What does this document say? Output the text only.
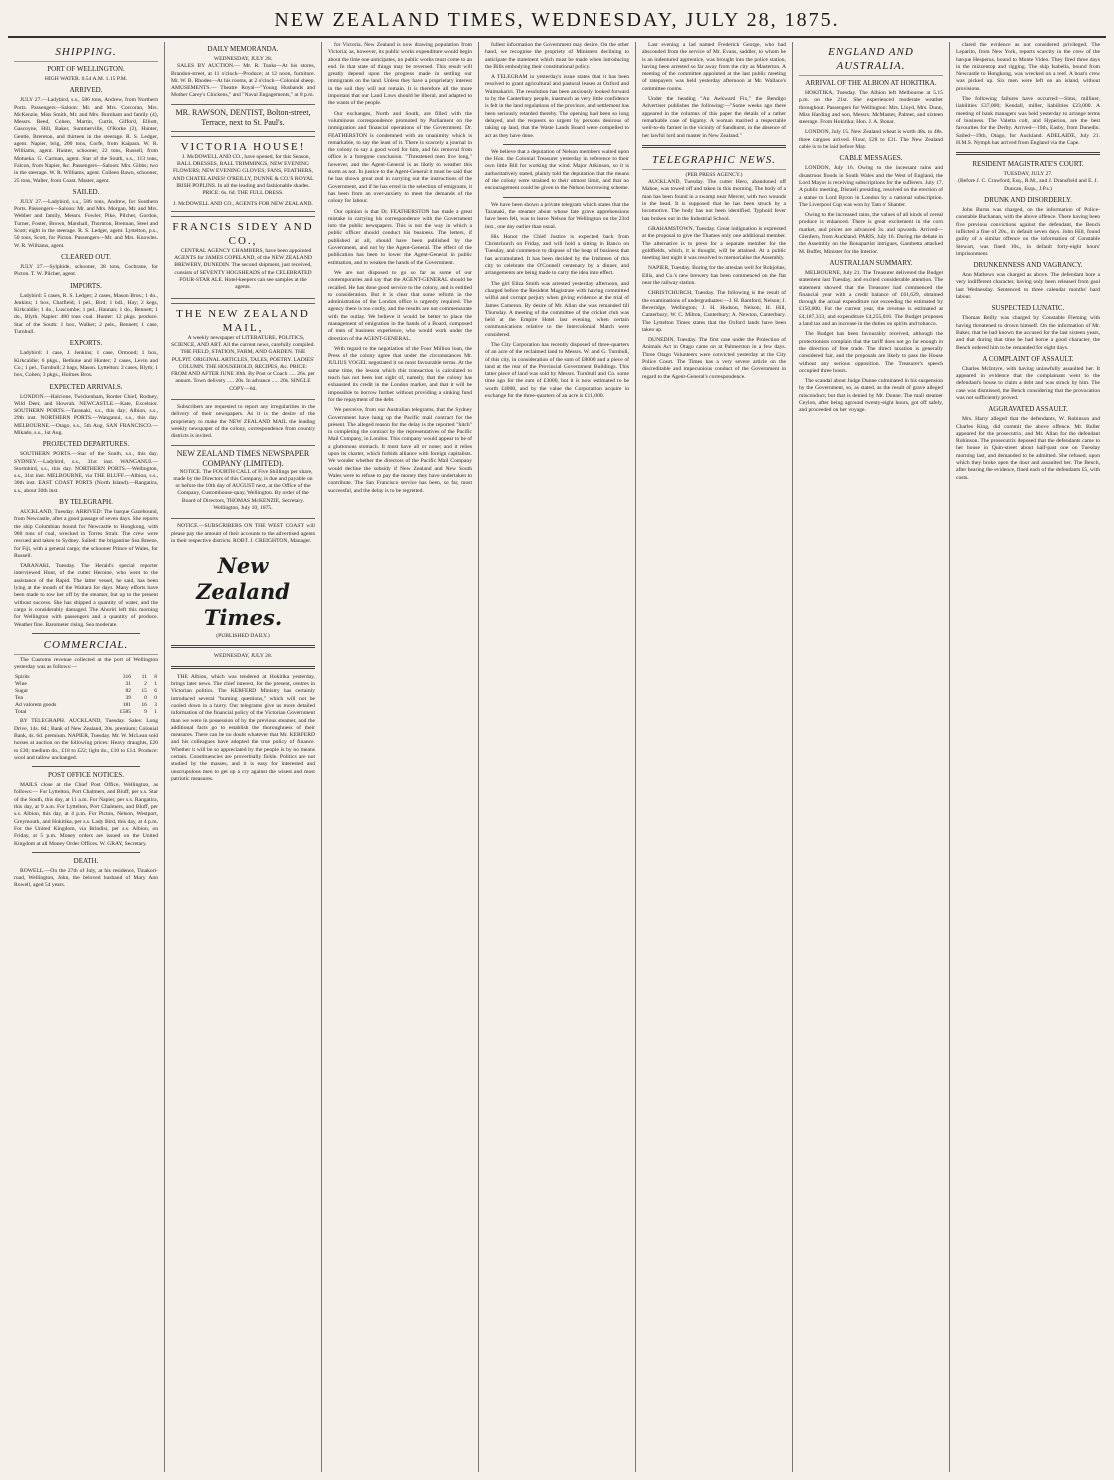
NEW ZEALAND TIMES, WEDNESDAY, JULY 28, 1875.
SHIPPING.
PORT OF WELLINGTON.
HIGH WATER. 0.54 A.M. 1.15 P.M.
ARRIVED.

JULY 27.—Ladybird, s.s., 586 tons, Andrew, from Northern Ports. Passengers—Saloon: Mr. and Mrs. Corcoran, Mrs. McKenzie, Miss Smith, Mr. and Mrs. Burnham and family (4), Messrs. Reed, Cohen, Martin, Curtis, Gifford, Elliott, Gascoyne, Hill, Baker, Summerville, O'Rorke (2), Hunter, Gentle, Brereton, and thirteen in the steerage. R. S. Ledger, agent. Napier, brig, 200 tons, Corfe, from Kaipara. W. R. Williams, agent. Hunter, schooner, 22 tons, Russell, from Motueka. G. Carman, agent. Star of the South, s.s., 113 tons, Falcon, from Napier, &c. Passengers—Saloon: Mrs. Gibbs; two in the steerage. W. R. Williams, agent. Colleen Bawn, schooner, 25 tons, Walter, from Coast. Master, agent.

SAILED.

JULY 27.—Ladybird, s.s., 586 tons, Andrew, for Southern Ports. Passengers—Saloon: Mr. and Mrs. Morgan, Mr. and Mrs. Webber and family, Messrs. Fowler, Pike, Pilcher, Gordon, Turner, Foster, Brown, Marshall, Thornton, Brennan, Steel and Scott; eight in the steerage. R. S. Ledger, agent. Lyttelton, p.s., 50 tons, Scott, for Picton. Passengers—Mr. and Mrs. Knowles. W. R. Williams, agent.

CLEARED OUT.

JULY 27.—Sylphide, schooner, 38 tons, Cochrane, for Picton. T. W. Pilcher, agent.

IMPORTS.

Ladybird: 5 cases, R. S. Ledger; 2 cases, Mason Bros.; 1 do., Jenkins; 1 box, Chatfield; 1 pel., Bird; 1 bdl., Hay; 2 kegs, Kirkcaldie; 1 do., Luscombe; 1 pel., Hannan; 1 do., Bennett; 1 do., Blyth. Napier: 480 tons coal. Hunter: 12 pkgs. produce. Star of the South: 1 box, Walker; 2 pels., Bennett; 1 case, Turnbull.

EXPORTS.

Ladybird: 1 case, J. Jenkins; 1 case, Ormond; 1 box, Kirkcaldie; 6 pkgs., Bethune and Hunter; 2 cases, Levin and Co.; 1 pel., Turnbull; 2 bags, Mason. Lyttelton: 2 cases, Blyth; 1 box, Cohen; 3 pkgs., Holmes Bros.

EXPECTED ARRIVALS.

LONDON.—Halcione, Twickenham, Border Chief, Rodney, Wild Deer, and Howrah. NEWCASTLE.—Kate, Excelsior. SOUTHERN PORTS.—Taranaki, s.s., this day; Albion, s.s., 29th inst. NORTHERN PORTS.—Wanganui, s.s., this day. MELBOURNE.—Otago, s.s., 5th Aug. SAN FRANCISCO.—Mikado, s.s., 1st Aug.

PROJECTED DEPARTURES.

SOUTHERN PORTS.—Star of the South, s.s., this day. SYDNEY.—Ladybird, s.s., 31st inst. WANGANUI.—Stormbird, s.s., this day. NORTHERN PORTS.—Wellington, s.s., 31st inst. MELBOURNE, via THE BLUFF.—Albion, s.s., 30th inst. EAST COAST PORTS (North Island).—Rangatira, s.s., about 30th inst.

BY TELEGRAPH.

AUCKLAND, Tuesday. ARRIVED: The barque Gazehound, from Newcastle, after a good passage of seven days. She reports the ship Columbian bound for Newcastle to Hongkong, with 900 tons of coal, wrecked in Torres Strait. The crew were rescued and taken to Sydney. Sailed: the brigantine Sea Breeze, for Fiji, with a general cargo; the schooner Prince of Wales, for Russell.

TARANAKI, Tuesday. The Herald's special reporter interviewed Hunt, of the cutter Heroine, who went to the assistance of the Rapid. The latter vessel, he said, has been lying at the mouth of the Waitara for days. Many efforts have been made to tow her off by the steamer, but up to the present without success. She has shipped a quantity of water, and the cargo is considerably damaged. The Ahuriri left this morning for Wellington with passengers and a quantity of produce. Weather fine. Barometer rising. Sea moderate.

COMMERCIAL.

The Customs revenue collected at the port of Wellington yesterday was as follows:—

Spirits	316	11	8
Wine	31	2	1
Sugar	82	15	6
Tea	39	0	0
Ad valorem goods	181	16	3
Total	£585	9	1

BY TELEGRAPH. AUCKLAND, Tuesday. Sales: Long Drive, 14s. 6d.; Bank of New Zealand, 20s. premium; Colonial Bank, 4s. 6d. premium. NAPIER, Tuesday. Mr. W. McLean sold horses at auction on the following prices: Heavy draughts, £20 to £30; medium do., £18 to £22; light do., £10 to £14. Produce: wool and tallow unchanged.

POST OFFICE NOTICES.

MAILS close at the Chief Post Office, Wellington, as follows:— For Lyttelton, Port Chalmers, and Bluff, per s.s. Star of the South, this day, at 11 a.m. For Napier, per s.s. Rangatira, this day, at 9 a.m. For Lyttelton, Port Chalmers, and Bluff, per s.s. Albion, this day, at 4 p.m. For Picton, Nelson, Westport, Greymouth, and Hokitika, per s.s. Lady Bird, this day, at 4 p.m. For the United Kingdom, via Brindisi, per s.s. Albion, on Friday, at 5 p.m. Money orders are issued on the United Kingdom at all Money Order Offices. W. GRAY, Secretary.

DEATH.

ROWELL.—On the 27th of July, at his residence, Tinakori-road, Wellington, John, the beloved husband of Mary Ann Rowell, aged 54 years.

DAILY MEMORANDA.
WEDNESDAY, JULY 28.

SALES BY AUCTION.— Mr. R. Tonks—At his stores, Brandon-street, at 11 o'clock—Produce; at 12 noon, furniture. Mr. W. B. Rhodes—At his rooms, at 2 o'clock—Colonial sheep. AMUSEMENTS.— Theatre Royal—"Young Husbands and Mother Carey's Chickens," and "Naval Engagements," at 8 p.m.

MR. RAWSON, DENTIST, Bolton-street, Terrace, next to St. Paul's.
VICTORIA HOUSE!

J. McDOWELL AND CO., have opened, for this Season, BALL DRESSES, BALL TRIMMINGS, NEW EVENING FLOWERS; NEW EVENING GLOVES; FANS, FEATHERS, AND CHATELAINES! O'REILLY, DUNNE & CO.'S ROYAL IRISH POPLINS. In all the leading and fashionable shades. PRICE: 6s. 6d. THE FULL DRESS.

J. McDOWELL AND CO., AGENTS FOR NEW ZEALAND.
FRANCIS SIDEY AND CO.,

CENTRAL AGENCY CHAMBERS, have been appointed AGENTS for JAMES COPELAND, of the NEW ZEALAND BREWERY, DUNEDIN. The second shipment, just received, consists of SEVENTY HOGSHEADS of the CELEBRATED FOUR-STAR ALE. Hotel-keepers can see samples at the agents.

THE NEW ZEALAND MAIL,

A weekly newspaper of LITERATURE, POLITICS, SCIENCE, AND ART. All the current news, carefully compiled. THE FIELD, STATION, FARM, AND GARDEN. THE PULPIT. ORIGINAL ARTICLES, TALES, POETRY. LADIES' COLUMN. THE HOUSEHOLD, RECIPES, &c. PRICE: FROM AND AFTER JUNE 30th. By Post or Coach ..... 26s. per annum. Town delivery ..... 20s. In advance ..... 20s. SINGLE COPY—6d.

Subscribers are requested to report any irregularities in the delivery of their newspapers. As it is the desire of the proprietary to make the NEW ZEALAND MAIL the leading weekly newspaper of the colony, correspondence from country districts is invited.

NEW ZEALAND TIMES NEWSPAPER COMPANY (LIMITED).

NOTICE. The FOURTH CALL of Five Shillings per share, made by the Directors of this Company, is due and payable on or before the 10th day of AUGUST next, at the Office of the Company, Customhouse-quay, Wellington. By order of the Board of Directors, THOMAS McKENZIE, Secretary. Wellington, July 10, 1875.

NOTICE.—SUBSCRIBERS ON THE WEST COAST will please pay the amount of their accounts to the advertised agents in their respective districts. ROBT. J. CREIGHTON, Manager.

New Zealand Times.
(PUBLISHED DAILY.)
WEDNESDAY, JULY 28.

THE Albion, which was tendered at Hokitika yesterday, brings later news. The chief interest, for the present, centres in Victorian politics. The KERFERD Ministry has certainly introduced several "burning questions," which will not be cooled down in a hurry. Our telegrams give us more detailed information of the financial policy of the Victorian Government than we were in possession of by the previous steamer, and the additional facts go to establish the thoroughness of their measures. There can be no doubt whatever that Mr. KERFERD and his colleagues have adopted the true policy of finance. Whether it will be so appreciated by the people is by no means certain. Constituencies are proverbially fickle. Politics are not studied by the masses, and it is easy for interested and unscrupulous men to get up a cry against the wisest and most patriotic measures.

for Victoria. New Zealand is now drawing population from Victoria; as, however, its public works expenditure would begin about the time one anticipates, no public works must come to an end. In that state of things may be reversed. This result will greatly depend upon the progress made in settling our immigrants on the land. Unless they have a proprietary interest in the soil they will not remain. It is therefore all the more important that our Land Laws should be liberal, and adapted to the wants of the people.

Our exchanges, North and South, are filled with the voluminous correspondence promoted by Parliament on the immigration and financial operations of the Government. Dr. FEATHERSTON is condemned with an unanimity which is remarkable, to say the least of it. There is scarcely a journal in the colony to say a good word for him, and his removal from office is a foregone conclusion. "Threatened men live long," however, and the Agent-General is as likely to weather this storm as not. In justice to the Agent-General it must be said that he has shown great zeal in carrying out the instructions of the Government, and if he has erred in the selection of emigrants, it has been from an over-anxiety to meet the demands of the colony for labour.

Our opinion is that Dr. FEATHERSTON has made a great mistake in carrying his correspondence with the Government into the public newspapers. This is not the way in which a public officer should conduct his business. The letters, if published at all, should have been published by the Government, and not by the Agent-General. The effect of the publication has been to lower the Agent-General in public estimation, and to weaken the hands of the Government.

We are not disposed to go so far as some of our contemporaries and say that the AGENT-GENERAL should be recalled. He has done good service to the colony, and is entitled to consideration. But it is clear that some reform in the administration of the London office is urgently required. The agency there is too costly, and the results are not commensurate with the outlay. We believe it would be better to place the management of emigration in the hands of a Board, composed of men of business experience, who would work under the direction of the AGENT-GENERAL.

With regard to the negotiation of the Four Million loan, the Press of the colony agree that under the circumstances Mr. JULIUS VOGEL negotiated it on most favourable terms. At the same time, the lesson which this transaction is calculated to teach has not been lost sight of, namely, that the colony has exhausted its credit in the London market, and that it will be impossible to borrow further without providing a sinking fund for the repayment of the debt.

We perceive, from our Australian telegrams, that the Sydney Government have hung up the Pacific mail contract for the present. The alleged reason for the delay is the reported "hitch" in completing the contract by the representatives of the Pacific Mail Company, in London. This company would appear to be of a gluttonous stomach. It must have all or none; and it relies upon its charter, which forbids alliance with foreign capitalists. We wonder whether the directors of the Pacific Mail Company would decline the subsidy if New Zealand and New South Wales were to refuse to pay the money they have undertaken to contribute. The San Francisco service has been, so far, most successful, and the delay is to be regretted.

fullest information the Government may desire. On the other hand, we recognise the propriety of Ministers declining to anticipate the statement which must be made when introducing the Bills embodying their constitutional policy.

A TELEGRAM in yesterday's issue states that it has been resolved to grant agricultural and pastoral leases at Oxford and Waimakariri. The resolution has been anxiously looked forward to by the Canterbury people, inasmuch as very little confidence is felt in the land regulations of the province, and settlement has been seriously retarded thereby. The opening had been so long delayed, and the requests so urgent by persons desirous of taking up land, that the Waste Lands Board were compelled to act as they have done.

We believe that a deputation of Nelson members waited upon the Hon. the Colonial Treasurer yesterday in reference to their own little Bill for working the wind. Major Atkinson, so it is authoritatively stated, plainly told the deputation that the means of the colony were strained to their utmost limit, and that no encouragement could be given to the Nelson borrowing scheme.

We have been shown a private telegram which states that the Taranaki, the steamer about whose fate grave apprehensions have been felt, was to leave Nelson for Wellington on the 23rd inst., one day earlier than usual.

His Honor the Chief Justice is expected back from Christchurch on Friday, and will hold a sitting in Banco on Tuesday, and commence to dispose of the heap of business that has accumulated. It has been decided by the Irishmen of this city to celebrate the O'Connell centenary by a dinner, and arrangements are being made to carry the idea into effect.

The girl Eliza Smith was arrested yesterday afternoon, and charged before the Resident Magistrate with having committed wilful and corrupt perjury when giving evidence at the trial of James Cameron. By desire of Mr. Allan she was remanded till Thursday. A meeting of the committee of the cricket club was held at the Empire Hotel last evening, when certain communications relative to the Intercolonial Match were considered.

The City Corporation has recently disposed of three-quarters of an acre of the reclaimed land to Messrs. W. and G. Turnbull, of this city, in consideration of the sum of £8000 and a piece of land at the rear of the Provincial Government Buildings. This latter piece of land was sold by Messrs. Turnbull and Co. some time ago for the sum of £3000, but it is now estimated to be worth £4000, and by the value the Corporation acquire in exchange for the three-quarters of an acre is £11,000.

Last evening a lad named Frederick George, who had absconded from the service of Mr. Evans, saddler, to whom he is an indentured apprentice, was brought into the police station, having been arrested so far away from the city as Masterton. A meeting of the committee appointed at the last public meeting of ratepayers was held yesterday afternoon at Mr. Wallace's committee rooms.

Under the heading "An Awkward Fix," the Bendigo Advertiser publishes the following:—"Some weeks ago there appeared in the columns of this paper the details of a rather remarkable case of bigamy. A woman married a respectable well-to-do farmer in the vicinity of Sandhurst, in the absence of her lawful lord and master in New Zealand."

TELEGRAPHIC NEWS.
(PER PRESS AGENCY.)

AUCKLAND, Tuesday. The cutter Hero, abandoned off Mahoe, was towed off and taken in this morning. The body of a man has been found in a swamp near Mercer, with two wounds in the head. It is supposed that he has been struck by a locomotive. The body has not been identified. Typhoid fever has broken out in the Industrial School.

GRAHAMSTOWN, Tuesday. Great indignation is expressed at the proposal to give the Thames only one additional member. The alternative is to press for a separate member for the goldfields, which, it is thought, will be attained. At a public meeting last night it was resolved to memorialise the Assembly.

NAPIER, Tuesday. Boring for the artesian well for Robjohns, Ellis, and Co.'s new brewery has been commenced on the flat near the railway station.

CHRISTCHURCH, Tuesday. The following is the result of the examinations of undergraduates:—J. H. Bamford, Nelson; J. Beveridge, Wellington; J. H. Hudson, Nelson; H. Hill, Canterbury; W. C. Milton, Canterbury; A. Newton, Canterbury. The Lyttelton Times states that the Oxford lands have been taken up.

DUNEDIN, Tuesday. The first case under the Protection of Animals Act in Otago came on at Palmerston in a few days. Three Otago Volunteers were convicted yesterday at the City Police Court. The Times has a very severe article on the discreditable and impecunious conduct of the Government in regard to the Agent-General's correspondence.

ENGLAND AND AUSTRALIA.
ARRIVAL OF THE ALBION AT HOKITIKA.

HOKITIKA, Tuesday. The Albion left Melbourne at 5.15 p.m. on the 21st. She experienced moderate weather throughout. Passengers for Wellington: Mrs. Lloyd, Mrs. Dunn, Miss Harding and son, Messrs. McMaster, Palmer, and sixteen steerage. From Hokitika: Hon. J. A. Bonar.

LONDON, July 15. New Zealand wheat is worth 48s. to 48s. three cargoes arrived. Flour, £28 to £31. The New Zealand cable is to be laid before May.

CABLE MESSAGES.

LONDON, July 16. Owing to the incessant rains and disastrous floods in South Wales and the West of England, the Lord Mayor is receiving subscriptions for the sufferers. July 17. A public meeting, Disraeli presiding, resolved on the erection of a statue to Lord Byron in London by a national subscription. The Liverpool Cup was won by Tam o' Shanter.

Owing to the increased rains, the values of all kinds of cereal produce is enhanced. There is great excitement in the corn market, and prices are advanced 3s. and upwards. Arrived—Glenfern, from Auckland. PARIS, July 16. During the debate in the Assembly on the Bonapartist intrigues, Gambetta attacked M. Buffet, Minister for the Interior.

AUSTRALIAN SUMMARY.

MELBOURNE, July 21. The Treasurer delivered the Budget statement last Tuesday, and excited considerable attention. The statement showed that the Treasurer had commenced the financial year with a credit balance of £61,629, obtained through the actual expenditure not exceeding the estimated by £150,000. For the current year, the revenue is estimated at £4,187,313, and expenditure £4,255,016. The Budget proposes a land tax and an increase in the duties on spirits and tobacco.

The Budget has been favourably received, although the protectionists complain that the tariff does not go far enough in the direction of free trade. The direct taxation is generally considered fair, and the proposals are likely to pass the House without any serious opposition. The Treasurer's speech occupied three hours.

The scandal about Judge Dunne culminated in his suspension by the Government, so, as stated, as the result of grave alleged misconduct; but that is denied by Mr. Dunne. The mail steamer Ceylon, after being aground twenty-eight hours, got off safely, and proceeded on her voyage.

clared the evidence as not considered privileged. The Leparito, from New York, reports scarcity in the crew of the barque Hesperus, bound to Monte Video. They fired three days in the mizzentop and rigging. The ship Isabella, bound from Newcastle to Hongkong, was wrecked on a reef. A boat's crew was picked up. Six men were left on an island, without provisions.

The following failures have occurred:—Sims, milliner, liabilities £37,000; Kendall, miller, liabilities £23,000. A meeting of bank managers was held yesterday to arrange terms of business. The Valetta colt, and Hyperion, are the best favourites for the Derby. Arrived—19th, Easby, from Dunedin. Sailed—19th, Otago, for Auckland. ADELAIDE, July 21. H.M.S. Nymph has arrived from England via the Cape.

RESIDENT MAGISTRATE'S COURT.
TUESDAY, JULY 27.
(Before J. C. Crawford, Esq., R.M., and J. Dransfield and E. J. Duncan, Esqs., J.P.s.)
DRUNK AND DISORDERLY.

John Burns was charged, on the information of Police-constable Buchanan, with the above offence. There having been five previous convictions against the defendant, the Bench inflicted a fine of 20s., in default seven days. John Hill, found guilty of a similar offence on the information of Constable Stewart, was fined 10s., in default forty-eight hours' imprisonment.

DRUNKENNESS AND VAGRANCY.

Ann Mathews was charged as above. The defendant bore a very indifferent character, having only been released from gaol last Wednesday. Sentenced to three calendar months' hard labour.

SUSPECTED LUNATIC.

Thomas Reilly was charged by Constable Fleming with having threatened to drown himself. On the information of Mr. Baker, that he had known the accused for the last sixteen years, and that during that time he had borne a good character, the Bench ordered him to be remanded for eight days.

A COMPLAINT OF ASSAULT.

Charles McIntyre, with having unlawfully assaulted her. It appeared in evidence that the complainant went to the defendant's house to claim a debt and was struck by him. The case was dismissed, the Bench considering that the provocation was not sufficiently proved.

AGGRAVATED ASSAULT.

Mrs. Harry alleged that the defendants, W. Robinson and Charles King, did commit the above offence. Mr. Buller appeared for the prosecutrix, and Mr. Allan for the defendant Robinson. The prosecutrix deposed that the defendants came to her house in Quin-street about half-past one on Tuesday morning last, and demanded to be admitted. She refused, upon which they broke open the door and assaulted her. The Bench, after hearing the evidence, fined each of the defendants £5, with costs.
